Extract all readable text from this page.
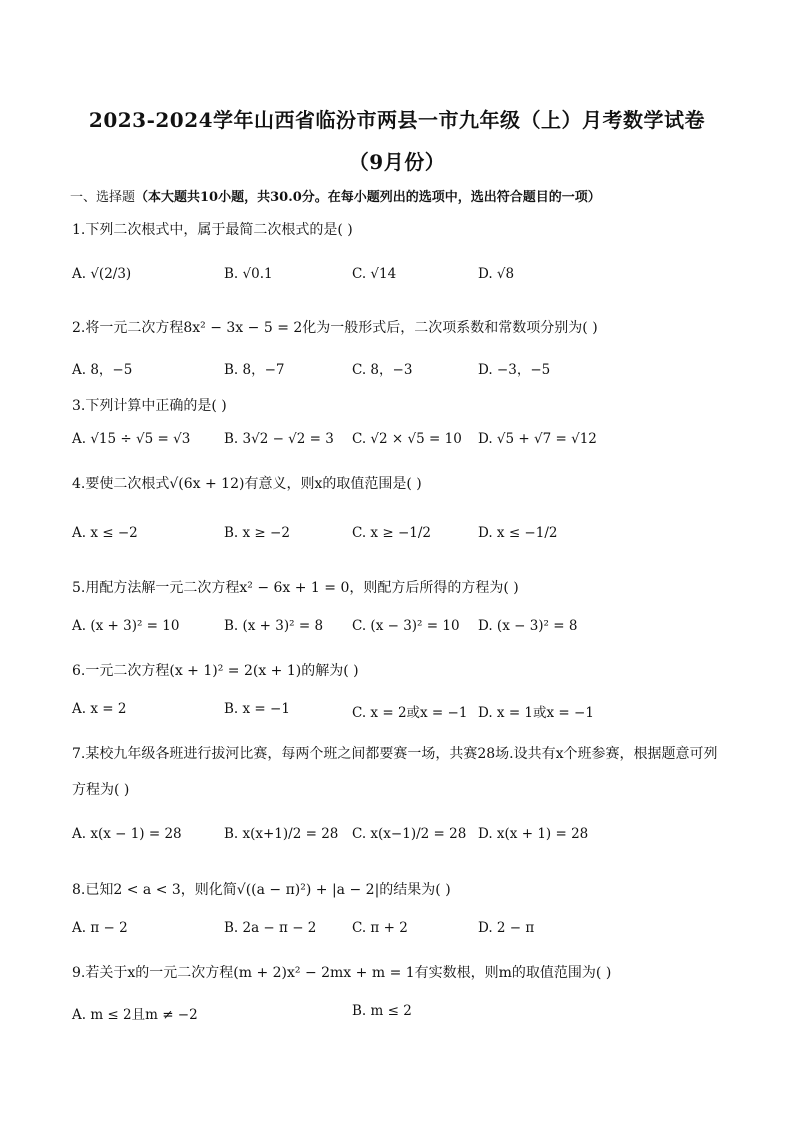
2023-2024学年山西省临汾市两县一市九年级（上）月考数学试卷
（9月份）
一、选择题（本大题共10小题，共30.0分。在每小题列出的选项中，选出符合题目的一项）
1.下列二次根式中，属于最简二次根式的是( )
A. √(2/3)	B. √0.1	C. √14	D. √8
2.将一元二次方程8x² − 3x − 5 = 2化为一般形式后，二次项系数和常数项分别为( )
A. 8，−5	B. 8，−7	C. 8，−3	D. −3，−5
3.下列计算中正确的是( )
A. √15 ÷ √5 = √3 B. 3√2 − √2 = 3 C. √2 × √5 = 10 D. √5 + √7 = √12
4.要使二次根式√(6x + 12)有意义，则x的取值范围是( )
A. x ≤ −2	B. x ≥ −2	C. x ≥ −1/2	D. x ≤ −1/2
5.用配方法解一元二次方程x² − 6x + 1 = 0，则配方后所得的方程为( )
A. (x + 3)² = 10	B. (x + 3)² = 8 C. (x − 3)² = 10 D. (x − 3)² = 8
6.一元二次方程(x + 1)² = 2(x + 1)的解为( )
A. x = 2	B. x = −1	C. x = 2或x = −1 D. x = 1或x = −1
7.某校九年级各班进行拔河比赛，每两个班之间都要赛一场，共赛28场.设共有x个班参赛，根据题意可列
方程为( )
A. x(x − 1) = 28	B. x(x+1)/2 = 28 C. x(x−1)/2 = 28 D. x(x + 1) = 28
8.已知2 < a < 3，则化简√((a − π)²) + |a − 2|的结果为( )
A. π − 2	B. 2a − π − 2	C. π + 2	D. 2 − π
9.若关于x的一元二次方程(m + 2)x² − 2mx + m = 1有实数根，则m的取值范围为( )
A. m ≤ 2且m ≠ −2	B. m ≤ 2
